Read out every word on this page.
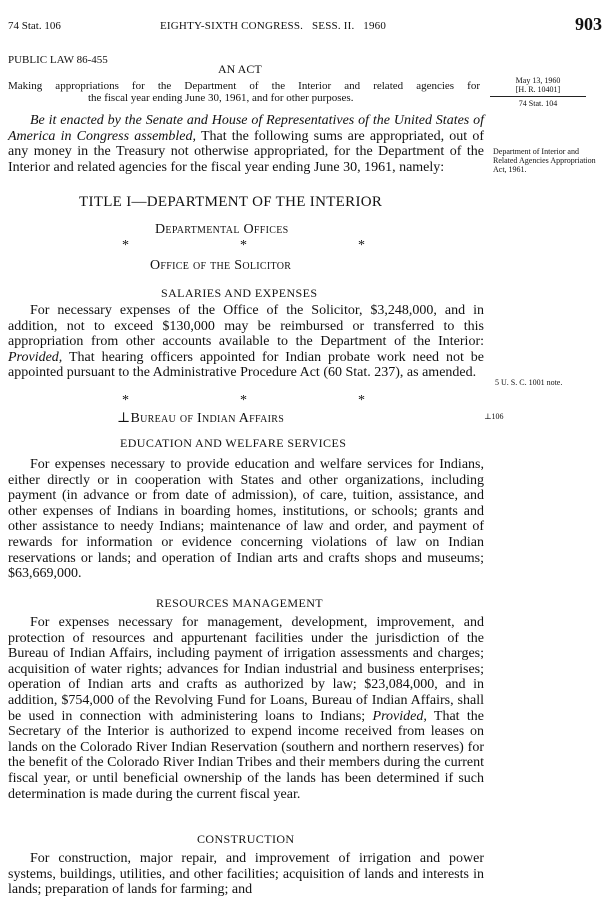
74 Stat. 106	EIGHTY-SIXTH CONGRESS.   SESS. II.   1960	903
PUBLIC LAW 86-455
AN ACT
Making appropriations for the Department of the Interior and related agencies for
the fiscal year ending June 30, 1961, and for other purposes.
May 13, 1960
[H. R. 10401]
74 Stat. 104
Department of Interior and Related Agencies Appropriation Act, 1961.
5 U. S. C. 1001 note.
⊥106
Be it enacted by the Senate and House of Representatives of the United States of America in Congress assembled, That the following sums are appropriated, out of any money in the Treasury not otherwise appropriated, for the Department of the Interior and related agencies for the fiscal year ending June 30, 1961, namely:
TITLE I—DEPARTMENT OF THE INTERIOR
Departmental Offices
*	*	*
Office of the Solicitor
SALARIES AND EXPENSES
For necessary expenses of the Office of the Solicitor, $3,248,000, and in addition, not to exceed $130,000 may be reimbursed or transferred to this appropriation from other accounts available to the Department of the Interior: Provided, That hearing officers appointed for Indian probate work need not be appointed pursuant to the Administrative Procedure Act (60 Stat. 237), as amended.
*	*	*
⊥Bureau of Indian Affairs
EDUCATION AND WELFARE SERVICES
For expenses necessary to provide education and welfare services for Indians, either directly or in cooperation with States and other organizations, including payment (in advance or from date of admission), of care, tuition, assistance, and other expenses of Indians in boarding homes, institutions, or schools; grants and other assistance to needy Indians; maintenance of law and order, and payment of rewards for information or evidence concerning violations of law on Indian reservations or lands; and operation of Indian arts and crafts shops and museums; $63,669,000.
RESOURCES MANAGEMENT
For expenses necessary for management, development, improvement, and protection of resources and appurtenant facilities under the jurisdiction of the Bureau of Indian Affairs, including payment of irrigation assessments and charges; acquisition of water rights; advances for Indian industrial and business enterprises; operation of Indian arts and crafts as authorized by law; $23,084,000, and in addition, $754,000 of the Revolving Fund for Loans, Bureau of Indian Affairs, shall be used in connection with administering loans to Indians; Provided, That the Secretary of the Interior is authorized to expend income received from leases on lands on the Colorado River Indian Reservation (southern and northern reserves) for the benefit of the Colorado River Indian Tribes and their members during the current fiscal year, or until beneficial ownership of the lands has been determined if such determination is made during the current fiscal year.
CONSTRUCTION
For construction, major repair, and improvement of irrigation and power systems, buildings, utilities, and other facilities; acquisition of lands and interests in lands; preparation of lands for farming; and
